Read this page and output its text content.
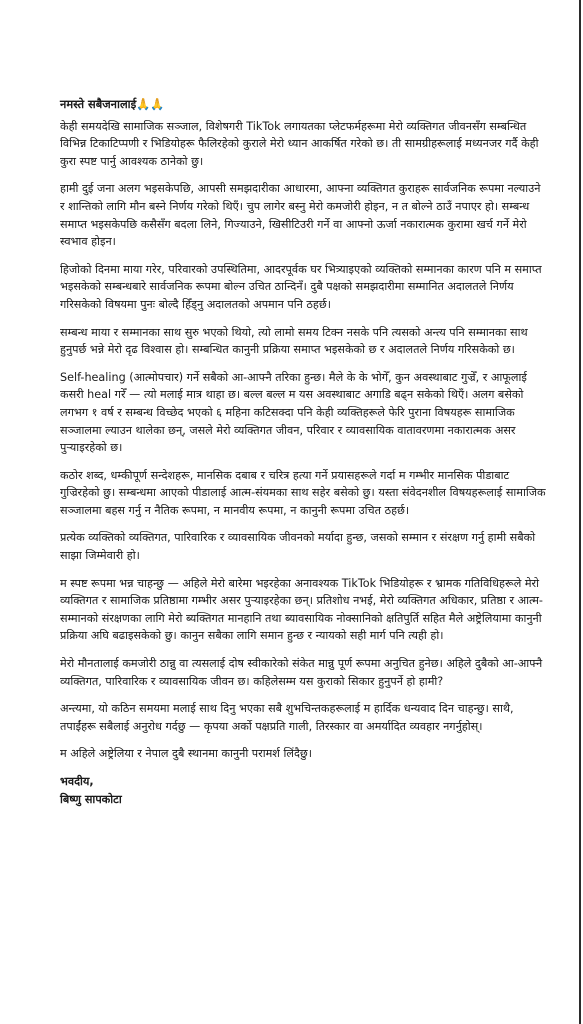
नमस्ते सबैजनालाई🙏🙏

केही समयदेखि सामाजिक सञ्जाल, विशेषगरी TikTok लगायतका प्लेटफर्महरूमा मेरो व्यक्तिगत जीवनसँग सम्बन्धित विभिन्न टिकाटिप्पणी र भिडियोहरू फैलिरहेको कुराले मेरो ध्यान आकर्षित गरेको छ। ती सामग्रीहरूलाई मध्यनजर गर्दै केही कुरा स्पष्ट पार्नु आवश्यक ठानेको छु।

हामी दुई जना अलग भइसकेपछि, आपसी समझदारीका आधारमा, आफ्ना व्यक्तिगत कुराहरू सार्वजनिक रूपमा नल्याउने र शान्तिको लागि मौन बस्ने निर्णय गरेको थिएँ। चुप लागेर बस्नु मेरो कमजोरी होइन, न त बोल्ने ठाउँ नपाएर हो। सम्बन्ध समाप्त भइसकेपछि कसैसँग बदला लिने, गिज्याउने, खिसीटिउरी गर्ने वा आफ्नो ऊर्जा नकारात्मक कुरामा खर्च गर्ने मेरो स्वभाव होइन।

हिजोको दिनमा माया गरेर, परिवारको उपस्थितिमा, आदरपूर्वक घर भित्र्याइएको व्यक्तिको सम्मानका कारण पनि म समाप्त भइसकेको सम्बन्धबारे सार्वजनिक रूपमा बोल्न उचित ठान्दिनँ। दुबै पक्षको समझदारीमा सम्मानित अदालतले निर्णय गरिसकेको विषयमा पुनः बोल्दै हिँड्नु अदालतको अपमान पनि ठहर्छ।

सम्बन्ध माया र सम्मानका साथ सुरु भएको थियो, त्यो लामो समय टिक्न नसके पनि त्यसको अन्त्य पनि सम्मानका साथ हुनुपर्छ भन्ने मेरो दृढ विश्वास हो। सम्बन्धित कानुनी प्रक्रिया समाप्त भइसकेको छ र अदालतले निर्णय गरिसकेको छ।

Self-healing (आत्मोपचार) गर्ने सबैको आ-आफ्नै तरिका हुन्छ। मैले के के भोगेँ, कुन अवस्थाबाट गुज्रेँ, र आफूलाई कसरी heal गरेँ — त्यो मलाई मात्र थाहा छ। बल्ल बल्ल म यस अवस्थाबाट अगाडि बढ्न सकेको थिएँ। अलग बसेको लगभग १ वर्ष र सम्बन्ध विच्छेद भएको ६ महिना कटिसक्दा पनि केही व्यक्तिहरूले फेरि पुराना विषयहरू सामाजिक सञ्जालमा ल्याउन थालेका छन्, जसले मेरो व्यक्तिगत जीवन, परिवार र व्यावसायिक वातावरणमा नकारात्मक असर पुऱ्याइरहेको छ।

कठोर शब्द, धम्कीपूर्ण सन्देशहरू, मानसिक दबाब र चरित्र हत्या गर्ने प्रयासहरूले गर्दा म गम्भीर मानसिक पीडाबाट गुज्रिरहेको छु। सम्बन्धमा आएको पीडालाई आत्म-संयमका साथ सहेर बसेको छु। यस्ता संवेदनशील विषयहरूलाई सामाजिक सञ्जालमा बहस गर्नु न नैतिक रूपमा, न मानवीय रूपमा, न कानुनी रूपमा उचित ठहर्छ।

प्रत्येक व्यक्तिको व्यक्तिगत, पारिवारिक र व्यावसायिक जीवनको मर्यादा हुन्छ, जसको सम्मान र संरक्षण गर्नु हामी सबैको साझा जिम्मेवारी हो।

म स्पष्ट रूपमा भन्न चाहन्छु — अहिले मेरो बारेमा भइरहेका अनावश्यक TikTok भिडियोहरू र भ्रामक गतिविधिहरूले मेरो व्यक्तिगत र सामाजिक प्रतिष्ठामा गम्भीर असर पुऱ्याइरहेका छन्। प्रतिशोध नभई, मेरो व्यक्तिगत अधिकार, प्रतिष्ठा र आत्म-सम्मानको संरक्षणका लागि मेरो ब्यक्तिगत मानहानि तथा ब्यावसायिक नोक्सानिको क्षतिपुर्ति सहित मैले अष्ट्रेलियामा कानुनी प्रक्रिया अघि बढाइसकेको छु। कानुन सबैका लागि समान हुन्छ र न्यायको सही मार्ग पनि त्यही हो।

मेरो मौनतालाई कमजोरी ठान्नु वा त्यसलाई दोष स्वीकारेको संकेत मान्नु पूर्ण रूपमा अनुचित हुनेछ। अहिले दुबैको आ-आफ्नै व्यक्तिगत, पारिवारिक र व्यावसायिक जीवन छ। कहिलेसम्म यस कुराको सिकार हुनुपर्ने हो हामी?

अन्त्यमा, यो कठिन समयमा मलाई साथ दिनु भएका सबै शुभचिन्तकहरूलाई म हार्दिक धन्यवाद दिन चाहन्छु। साथै, तपाईंहरू सबैलाई अनुरोध गर्दछु — कृपया अर्को पक्षप्रति गाली, तिरस्कार वा अमर्यादित व्यवहार नगर्नुहोस्।

म अहिले अष्ट्रेलिया र नेपाल दुबै स्थानमा कानुनी परामर्श लिंदैछु।

भवदीय,

बिष्णु सापकोटा
